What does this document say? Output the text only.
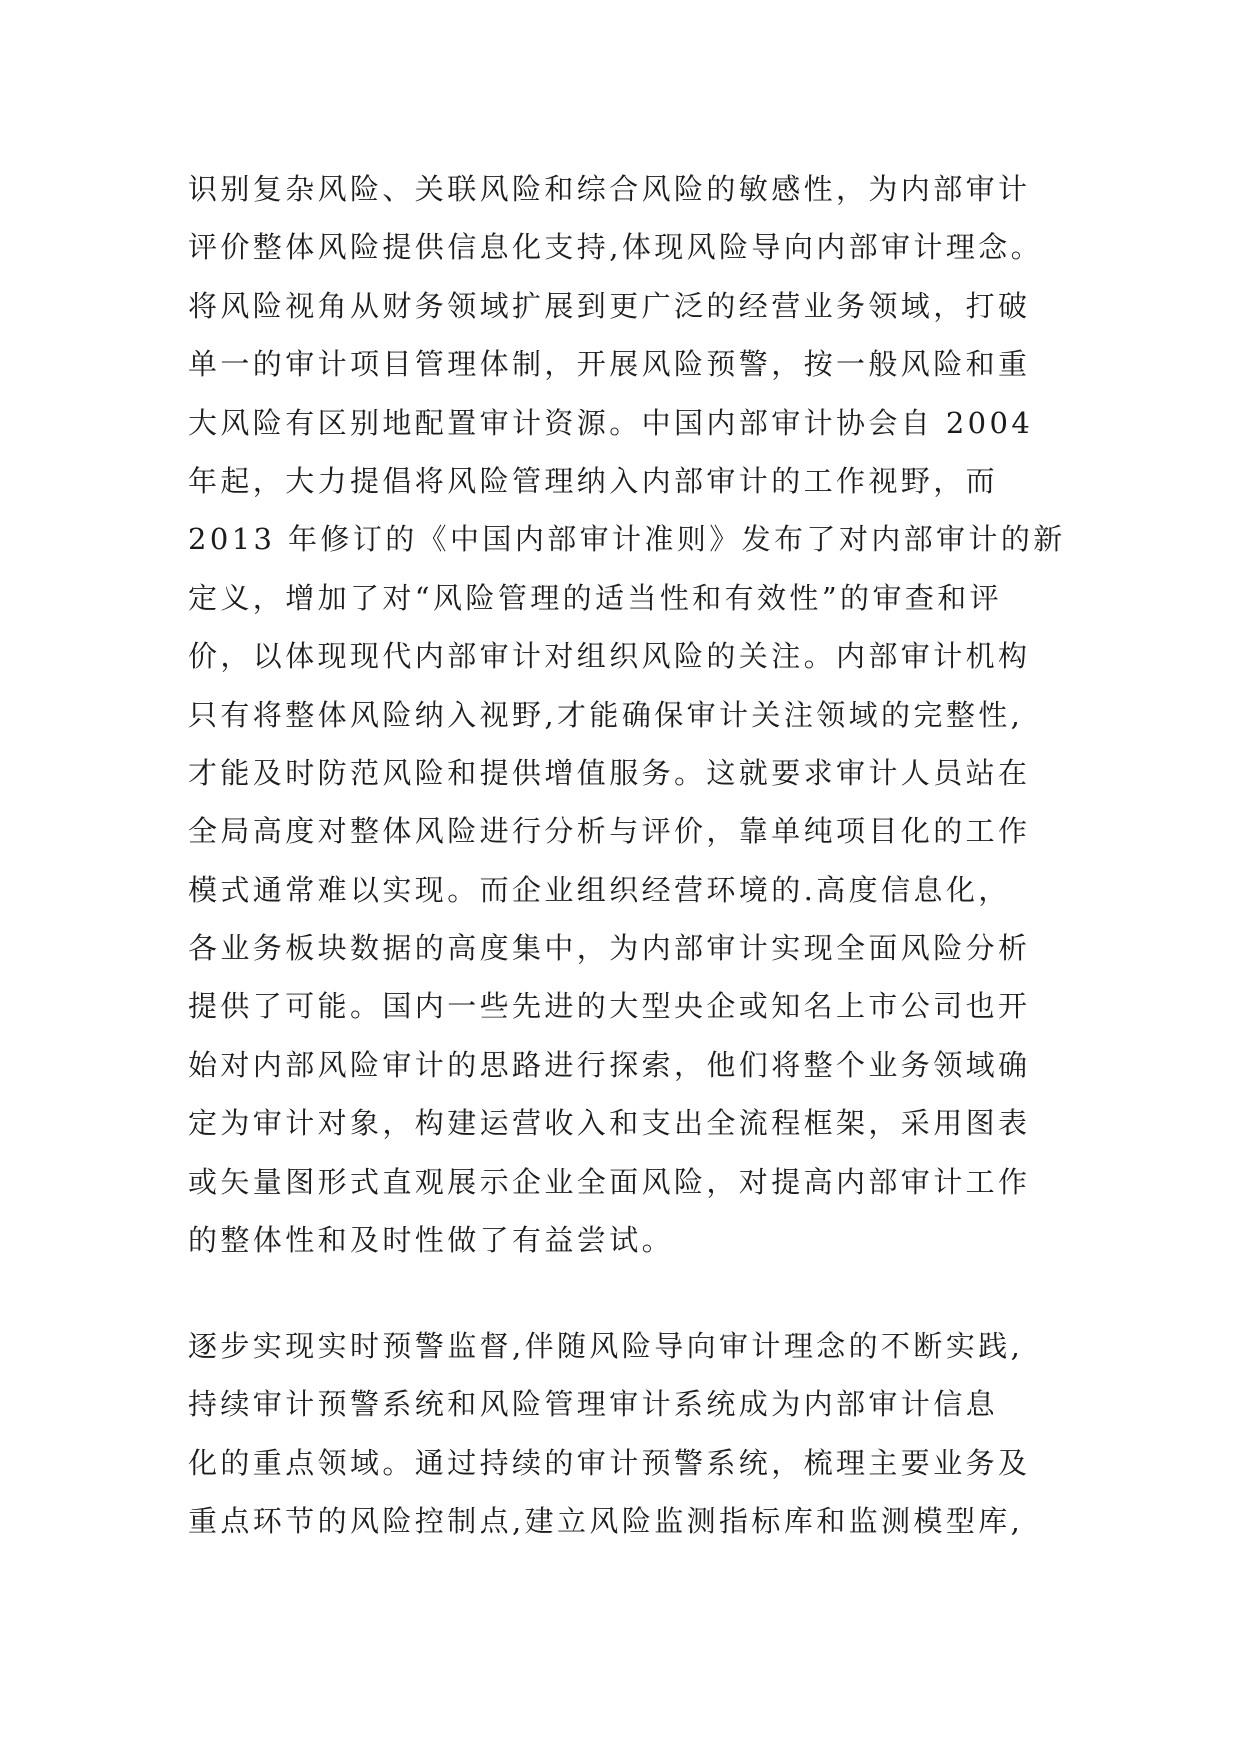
识别复杂风险、关联风险和综合风险的敏感性，为内部审计
评价整体风险提供信息化支持,体现风险导向内部审计理念。
将风险视角从财务领域扩展到更广泛的经营业务领域，打破
单一的审计项目管理体制，开展风险预警，按一般风险和重
大风险有区别地配置审计资源。中国内部审计协会自 2004
年起，大力提倡将风险管理纳入内部审计的工作视野，而
2013 年修订的《中国内部审计准则》发布了对内部审计的新
定义，增加了对“风险管理的适当性和有效性”的审查和评
价，以体现现代内部审计对组织风险的关注。内部审计机构
只有将整体风险纳入视野,才能确保审计关注领域的完整性,
才能及时防范风险和提供增值服务。这就要求审计人员站在
全局高度对整体风险进行分析与评价，靠单纯项目化的工作
模式通常难以实现。而企业组织经营环境的.高度信息化，
各业务板块数据的高度集中，为内部审计实现全面风险分析
提供了可能。国内一些先进的大型央企或知名上市公司也开
始对内部风险审计的思路进行探索，他们将整个业务领域确
定为审计对象，构建运营收入和支出全流程框架，采用图表
或矢量图形式直观展示企业全面风险，对提高内部审计工作
的整体性和及时性做了有益尝试。
逐步实现实时预警监督,伴随风险导向审计理念的不断实践,
持续审计预警系统和风险管理审计系统成为内部审计信息
化的重点领域。通过持续的审计预警系统，梳理主要业务及
重点环节的风险控制点,建立风险监测指标库和监测模型库,
